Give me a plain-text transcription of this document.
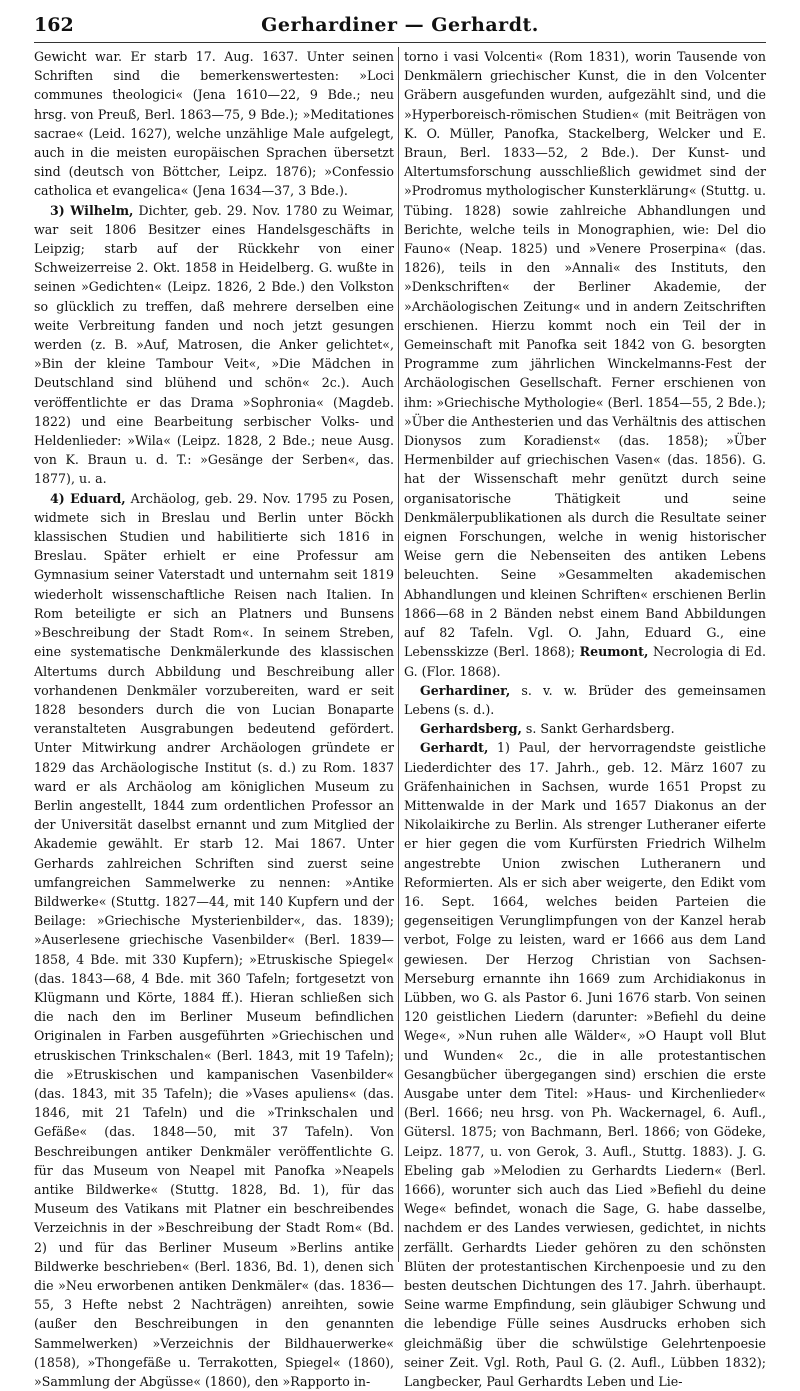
162	Gerhardiner — Gerhardt.

Gewicht war. Er starb 17. Aug. 1637. Unter seinen Schriften sind die bemerkenswertesten: »Loci communes theologici« (Jena 1610—22, 9 Bde.; neu hrsg. von Preuß, Berl. 1863—75, 9 Bde.); »Meditationes sacrae« (Leid. 1627), welche unzählige Male aufgelegt, auch in die meisten europäischen Sprachen übersetzt sind (deutsch von Böttcher, Leipz. 1876); »Confessio catholica et evangelica« (Jena 1634—37, 3 Bde.).

3) Wilhelm, Dichter, geb. 29. Nov. 1780 zu Weimar, war seit 1806 Besitzer eines Handelsgeschäfts in Leipzig; starb auf der Rückkehr von einer Schweizerreise 2. Okt. 1858 in Heidelberg. G. wußte in seinen »Gedichten« (Leipz. 1826, 2 Bde.) den Volkston so glücklich zu treffen, daß mehrere derselben eine weite Verbreitung fanden und noch jetzt gesungen werden (z. B. »Auf, Matrosen, die Anker gelichtet«, »Bin der kleine Tambour Veit«, »Die Mädchen in Deutschland sind blühend und schön« 2c.). Auch veröffentlichte er das Drama »Sophronia« (Magdeb. 1822) und eine Bearbeitung serbischer Volks- und Heldenlieder: »Wila« (Leipz. 1828, 2 Bde.; neue Ausg. von K. Braun u. d. T.: »Gesänge der Serben«, das. 1877), u. a.

4) Eduard, Archäolog, geb. 29. Nov. 1795 zu Posen, widmete sich in Breslau und Berlin unter Böckh klassischen Studien und habilitierte sich 1816 in Breslau. Später erhielt er eine Professur am Gymnasium seiner Vaterstadt und unternahm seit 1819 wiederholt wissenschaftliche Reisen nach Italien. In Rom beteiligte er sich an Platners und Bunsens »Beschreibung der Stadt Rom«. In seinem Streben, eine systematische Denkmälerkunde des klassischen Altertums durch Abbildung und Beschreibung aller vorhandenen Denkmäler vorzubereiten, ward er seit 1828 besonders durch die von Lucian Bonaparte veranstalteten Ausgrabungen bedeutend gefördert. Unter Mitwirkung andrer Archäologen gründete er 1829 das Archäologische Institut (s. d.) zu Rom. 1837 ward er als Archäolog am königlichen Museum zu Berlin angestellt, 1844 zum ordentlichen Professor an der Universität daselbst ernannt und zum Mitglied der Akademie gewählt. Er starb 12. Mai 1867. Unter Gerhards zahlreichen Schriften sind zuerst seine umfangreichen Sammelwerke zu nennen: »Antike Bildwerke« (Stuttg. 1827—44, mit 140 Kupfern und der Beilage: »Griechische Mysterienbilder«, das. 1839); »Auserlesene griechische Vasenbilder« (Berl. 1839—1858, 4 Bde. mit 330 Kupfern); »Etruskische Spiegel« (das. 1843—68, 4 Bde. mit 360 Tafeln; fortgesetzt von Klügmann und Körte, 1884 ff.). Hieran schließen sich die nach den im Berliner Museum befindlichen Originalen in Farben ausgeführten »Griechischen und etruskischen Trinkschalen« (Berl. 1843, mit 19 Tafeln); die »Etruskischen und kampanischen Vasenbilder« (das. 1843, mit 35 Tafeln); die »Vases apuliens« (das. 1846, mit 21 Tafeln) und die »Trinkschalen und Gefäße« (das. 1848—50, mit 37 Tafeln). Von Beschreibungen antiker Denkmäler veröffentlichte G. für das Museum von Neapel mit Panofka »Neapels antike Bildwerke« (Stuttg. 1828, Bd. 1), für das Museum des Vatikans mit Platner ein beschreibendes Verzeichnis in der »Beschreibung der Stadt Rom« (Bd. 2) und für das Berliner Museum »Berlins antike Bildwerke beschrieben« (Berl. 1836, Bd. 1), denen sich die »Neu erworbenen antiken Denkmäler« (das. 1836—55, 3 Hefte nebst 2 Nachträgen) anreihten, sowie (außer den Beschreibungen in den genannten Sammelwerken) »Verzeichnis der Bildhauerwerke« (1858), »Thongefäße u. Terrakotten, Spiegel« (1860), »Sammlung der Abgüsse« (1860), den »Rapporto in-

torno i vasi Volcenti« (Rom 1831), worin Tausende von Denkmälern griechischer Kunst, die in den Volcenter Gräbern ausgefunden wurden, aufgezählt sind, und die »Hyperboreisch-römischen Studien« (mit Beiträgen von K. O. Müller, Panofka, Stackelberg, Welcker und E. Braun, Berl. 1833—52, 2 Bde.). Der Kunst- und Altertumsforschung ausschließlich gewidmet sind der »Prodromus mythologischer Kunsterklärung« (Stuttg. u. Tübing. 1828) sowie zahlreiche Abhandlungen und Berichte, welche teils in Monographien, wie: Del dio Fauno« (Neap. 1825) und »Venere Proserpina« (das. 1826), teils in den »Annali« des Instituts, den »Denkschriften« der Berliner Akademie, der »Archäologischen Zeitung« und in andern Zeitschriften erschienen. Hierzu kommt noch ein Teil der in Gemeinschaft mit Panofka seit 1842 von G. besorgten Programme zum jährlichen Winckelmanns-Fest der Archäologischen Gesellschaft. Ferner erschienen von ihm: »Griechische Mythologie« (Berl. 1854—55, 2 Bde.); »Über die Anthesterien und das Verhältnis des attischen Dionysos zum Koradienst« (das. 1858); »Über Hermenbilder auf griechischen Vasen« (das. 1856). G. hat der Wissenschaft mehr genützt durch seine organisatorische Thätigkeit und seine Denkmälerpublikationen als durch die Resultate seiner eignen Forschungen, welche in wenig historischer Weise gern die Nebenseiten des antiken Lebens beleuchten. Seine »Gesammelten akademischen Abhandlungen und kleinen Schriften« erschienen Berlin 1866—68 in 2 Bänden nebst einem Band Abbildungen auf 82 Tafeln. Vgl. O. Jahn, Eduard G., eine Lebensskizze (Berl. 1868); Reumont, Necrologia di Ed. G. (Flor. 1868).

Gerhardiner, s. v. w. Brüder des gemeinsamen Lebens (s. d.).

Gerhardsberg, s. Sankt Gerhardsberg.

Gerhardt, 1) Paul, der hervorragendste geistliche Liederdichter des 17. Jahrh., geb. 12. März 1607 zu Gräfenhainichen in Sachsen, wurde 1651 Propst zu Mittenwalde in der Mark und 1657 Diakonus an der Nikolaikirche zu Berlin. Als strenger Lutheraner eiferte er hier gegen die vom Kurfürsten Friedrich Wilhelm angestrebte Union zwischen Lutheranern und Reformierten. Als er sich aber weigerte, den Edikt vom 16. Sept. 1664, welches beiden Parteien die gegenseitigen Verunglimpfungen von der Kanzel herab verbot, Folge zu leisten, ward er 1666 aus dem Land gewiesen. Der Herzog Christian von Sachsen-Merseburg ernannte ihn 1669 zum Archidiakonus in Lübben, wo G. als Pastor 6. Juni 1676 starb. Von seinen 120 geistlichen Liedern (darunter: »Befiehl du deine Wege«, »Nun ruhen alle Wälder«, »O Haupt voll Blut und Wunden« 2c., die in alle protestantischen Gesangbücher übergegangen sind) erschien die erste Ausgabe unter dem Titel: »Haus- und Kirchenlieder« (Berl. 1666; neu hrsg. von Ph. Wackernagel, 6. Aufl., Gütersl. 1875; von Bachmann, Berl. 1866; von Gödeke, Leipz. 1877, u. von Gerok, 3. Aufl., Stuttg. 1883). J. G. Ebeling gab »Melodien zu Gerhardts Liedern« (Berl. 1666), worunter sich auch das Lied »Befiehl du deine Wege« befindet, wonach die Sage, G. habe dasselbe, nachdem er des Landes verwiesen, gedichtet, in nichts zerfällt. Gerhardts Lieder gehören zu den schönsten Blüten der protestantischen Kirchenpoesie und zu den besten deutschen Dichtungen des 17. Jahrh. überhaupt. Seine warme Empfindung, sein gläubiger Schwung und die lebendige Fülle seines Ausdrucks erhoben sich gleichmäßig über die schwülstige Gelehrtenpoesie seiner Zeit. Vgl. Roth, Paul G. (2. Aufl., Lübben 1832); Langbecker, Paul Gerhardts Leben und Lie-
